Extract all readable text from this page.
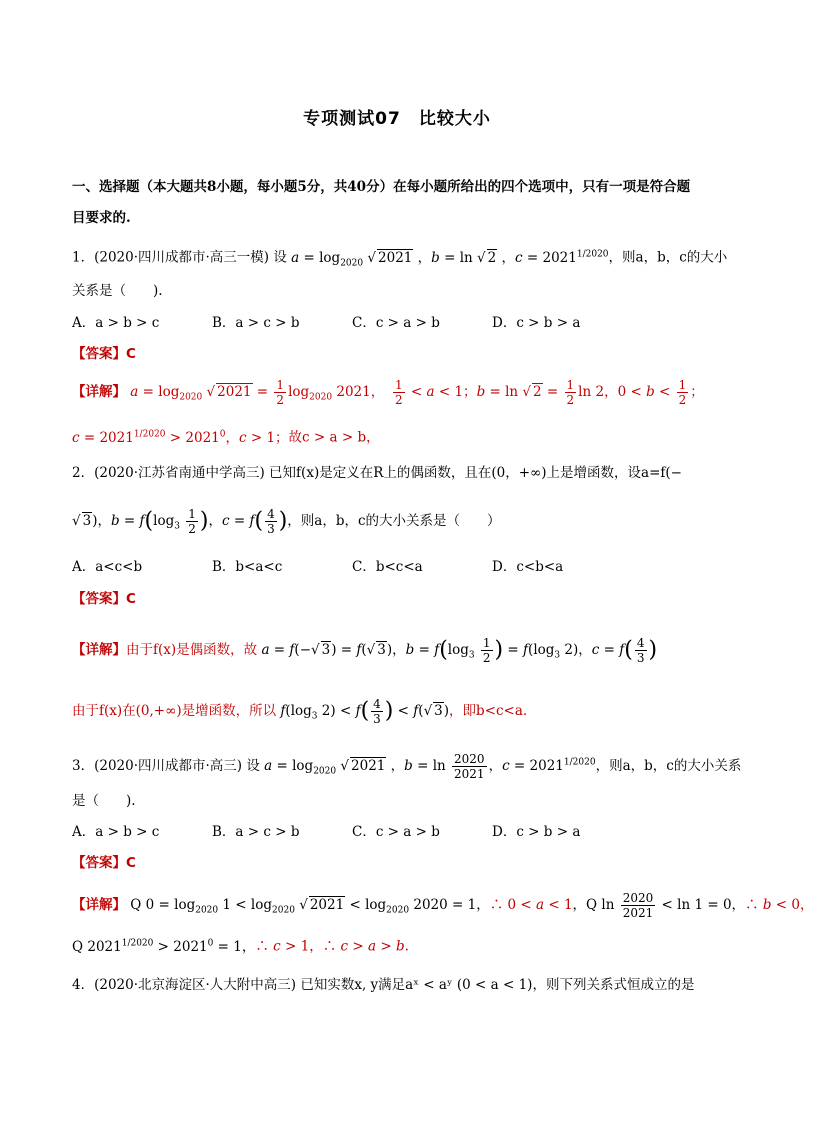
专项测试07　比较大小
一、选择题（本大题共8小题，每小题5分，共40分）在每小题所给出的四个选项中，只有一项是符合题
目要求的.
1．(2020·四川成都市·高三一模) 设 $a = \log_{2020}$ √ 2021 ，b = ln √ 2 ，$c = 2021^{1/2020}$，则a，b，c的大小
关系是（　　).
A．a > b > c	B．a > c > b	C．c > a > b	D．c > b > a
【答案】C
【详解】 $a = \log_{2020}$ √ $2021 = \frac{1}{2} \log_{2020} 2021$，　 $\frac{1}{2} < a < 1$；b = ln √ $2 = \frac{1}{2}$ ln 2，$0 < b < \frac{1}{2}$ ；
$c = 2021^{1/2020} > 2021^0$，c > 1；故c > a > b，
2．(2020·江苏省南通中学高三) 已知f(x)是定义在R上的偶函数，且在(0，+∞)上是增函数，设a=f(−
√ 3)，$b = f(\log_3 \frac{1}{2}$ )，$c = f( \frac{4}{3}$ )，则a，b，c的大小关系是（　　）
A．a<c<b	B．b<a<c	C．b<c<a	D．c<b<a
【答案】C
【详解】由于f(x)是偶函数，故 a = f(−√ 3) = f(√ 3)，$b = f(\log_3 \frac{1}{2}$ ) = $f(\log_3$ 2)，$c = f( \frac{4}{3}$ )
由于f(x)在(0,+∞)是增函数，所以 $f(\log_3$ $2) < f( \frac{4}{3}$ ) < f(√ 3)，即b<c<a.
3．(2020·四川成都市·高三) 设 $a = \log_{2020}$ √ 2021 ，$b = \ln \frac{2020}{2021}$ ，$c = 2021^{1/2020}$，则a，b，c的大小关系
是（　　).
A．a > b > c	B．a > c > b	C．c > a > b	D．c > b > a
【答案】C
【详解】 Q $0 = \log_{2020} 1 < \log_{2020}$ √ $2021 < \log_{2020} 2020 = 1$，∴ 0 < a < 1，Q $\ln \frac{2020}{2021} < \ln 1 = 0$，∴ b < 0，
Q $2021^{1/2020} > 2021^0 = 1$，∴ c > 1，∴ c > a > b.
4．(2020·北京海淀区·人大附中高三) 已知实数x, y满足aˣ < aʸ (0 < a < 1)，则下列关系式恒成立的是
